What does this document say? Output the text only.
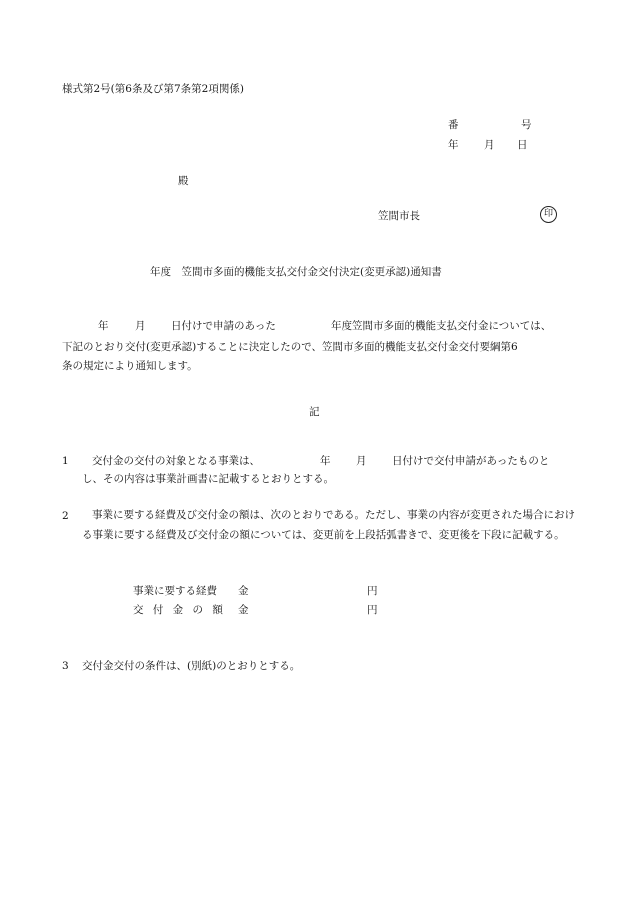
様式第2号(第6条及び第7条第2項関係)
番	号
年 月 日
殿
笠間市長	印
年度　笠間市多面的機能支払交付金交付決定(変更承認)通知書
年	月 日付けで申請のあった	年度笠間市多面的機能支払交付金については、
下記のとおり交付(変更承認)することに決定したので、笠間市多面的機能支払交付金交付要綱第6
条の規定により通知します。
記
1 交付金の交付の対象となる事業は、	年 月 日付けで交付申請があったものと
し、その内容は事業計画書に記載するとおりとする。
2	事業に要する経費及び交付金の額は、次のとおりである。ただし、事業の内容が変更された場合における事業に要する経費及び交付金の額については、変更前を上段括弧書きで、変更後を下段に記載する。
事業に要する経費 金	円
交 付 金 の 額 金	円
3 交付金交付の条件は、(別紙)のとおりとする。
